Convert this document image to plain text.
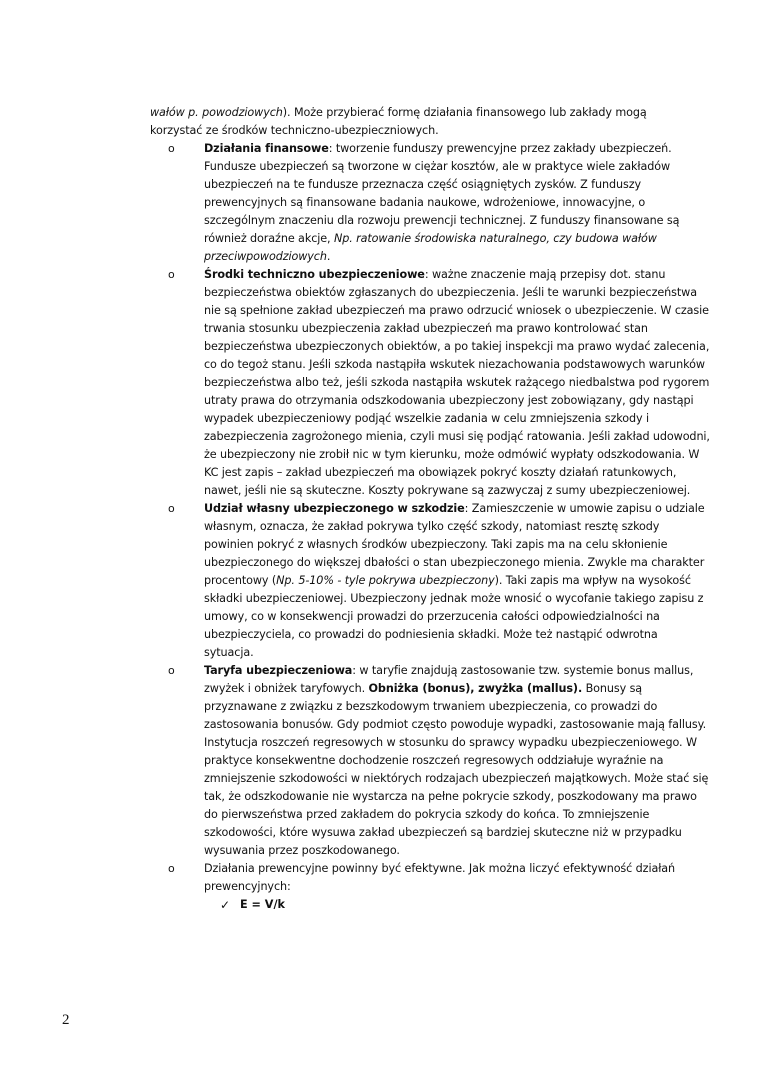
wałów p. powodziowych). Może przybierać formę działania finansowego lub zakłady mogą korzystać ze środków techniczno-ubezpieczniowych.
o	Działania finansowe: tworzenie funduszy prewencyjne przez zakłady ubezpieczeń. Fundusze ubezpieczeń są tworzone w ciężar kosztów, ale w praktyce wiele zakładów ubezpieczeń na te fundusze przeznacza część osiągniętych zysków. Z funduszy prewencyjnych są finansowane badania naukowe, wdrożeniowe, innowacyjne, o szczególnym znaczeniu dla rozwoju prewencji technicznej. Z funduszy finansowane są również doraźne akcje, Np. ratowanie środowiska naturalnego, czy budowa wałów przeciwpowodziowych.
o	Środki techniczno ubezpieczeniowe: ważne znaczenie mają przepisy dot. stanu bezpieczeństwa obiektów zgłaszanych do ubezpieczenia. Jeśli te warunki bezpieczeństwa nie są spełnione zakład ubezpieczeń ma prawo odrzucić wniosek o ubezpieczenie. W czasie trwania stosunku ubezpieczenia zakład ubezpieczeń ma prawo kontrolować stan bezpieczeństwa ubezpieczonych obiektów, a po takiej inspekcji ma prawo wydać zalecenia, co do tegoż stanu. Jeśli szkoda nastąpiła wskutek niezachowania podstawowych warunków bezpieczeństwa albo też, jeśli szkoda nastąpiła wskutek rażącego niedbalstwa pod rygorem utraty prawa do otrzymania odszkodowania ubezpieczony jest zobowiązany, gdy nastąpi wypadek ubezpieczeniowy podjąć wszelkie zadania w celu zmniejszenia szkody i zabezpieczenia zagrożonego mienia, czyli musi się podjąć ratowania. Jeśli zakład udowodni, że ubezpieczony nie zrobił nic w tym kierunku, może odmówić wypłaty odszkodowania. W KC jest zapis – zakład ubezpieczeń ma obowiązek pokryć koszty działań ratunkowych, nawet, jeśli nie są skuteczne. Koszty pokrywane są zazwyczaj z sumy ubezpieczeniowej.
o	Udział własny ubezpieczonego w szkodzie: Zamieszczenie w umowie zapisu o udziale własnym, oznacza, że zakład pokrywa tylko część szkody, natomiast resztę szkody powinien pokryć z własnych środków ubezpieczony. Taki zapis ma na celu skłonienie ubezpieczonego do większej dbałości o stan ubezpieczonego mienia. Zwykle ma charakter procentowy (Np. 5-10% - tyle pokrywa ubezpieczony). Taki zapis ma wpływ na wysokość składki ubezpieczeniowej. Ubezpieczony jednak może wnosić o wycofanie takiego zapisu z umowy, co w konsekwencji prowadzi do przerzucenia całości odpowiedzialności na ubezpieczyciela, co prowadzi do podniesienia składki. Może też nastąpić odwrotna sytuacja.
o	Taryfa ubezpieczeniowa: w taryfie znajdują zastosowanie tzw. systemie bonus mallus, zwyżek i obniżek taryfowych. Obniżka (bonus), zwyżka (mallus). Bonusy są przyznawane z związku z bezszkodowym trwaniem ubezpieczenia, co prowadzi do zastosowania bonusów. Gdy podmiot często powoduje wypadki, zastosowanie mają fallusy. Instytucja roszczeń regresowych w stosunku do sprawcy wypadku ubezpieczeniowego. W praktyce konsekwentne dochodzenie roszczeń regresowych oddziałuje wyraźnie na zmniejszenie szkodowości w niektórych rodzajach ubezpieczeń majątkowych. Może stać się tak, że odszkodowanie nie wystarcza na pełne pokrycie szkody, poszkodowany ma prawo do pierwszeństwa przed zakładem do pokrycia szkody do końca. To zmniejszenie szkodowości, które wysuwa zakład ubezpieczeń są bardziej skuteczne niż w przypadku wysuwania przez poszkodowanego.
o	Działania prewencyjne powinny być efektywne. Jak można liczyć efektywność działań prewencyjnych:
✓ E = V/k
2
